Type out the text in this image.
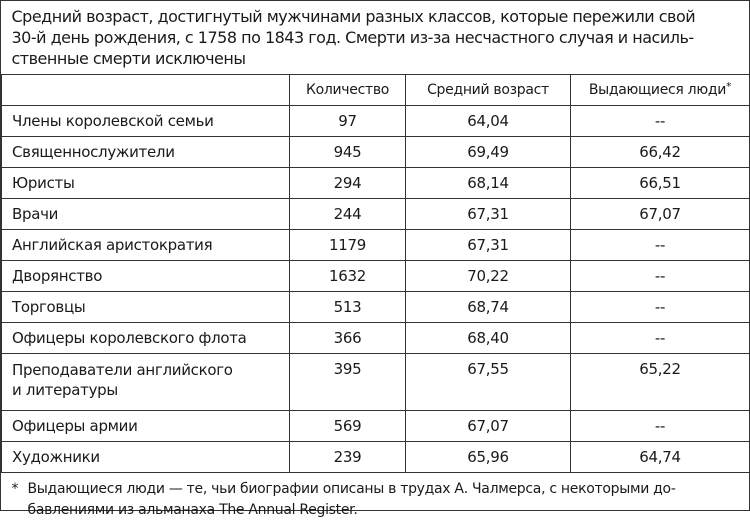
Средний возраст, достигнутый мужчинами разных классов, которые пережили свой
30-й день рождения, с 1758 по 1843 год. Смерти из-за несчастного случая и насиль-
ственные смерти исключены			

	Количество	Средний возраст	Выдающиеся люди*

Члены королевской семьи	97	64,04	--

Священнослужители	945	69,49	66,42

Юристы	294	68,14	66,51

Врачи	244	67,31	67,07

Английская аристократия	1179	67,31	--

Дворянство	1632	70,22	--

Торговцы	513	68,74	--

Офицеры королевского флота	366	68,40	--

Преподаватели английского
и литературы	395	67,55	65,22

Офицеры армии	569	67,07	--

Художники	239	65,96	64,74
* Выдающиеся люди — те, чьи биографии описаны в трудах А. Чалмерса, с некоторыми до-
бавлениями из альманаха The Annual Register.			
